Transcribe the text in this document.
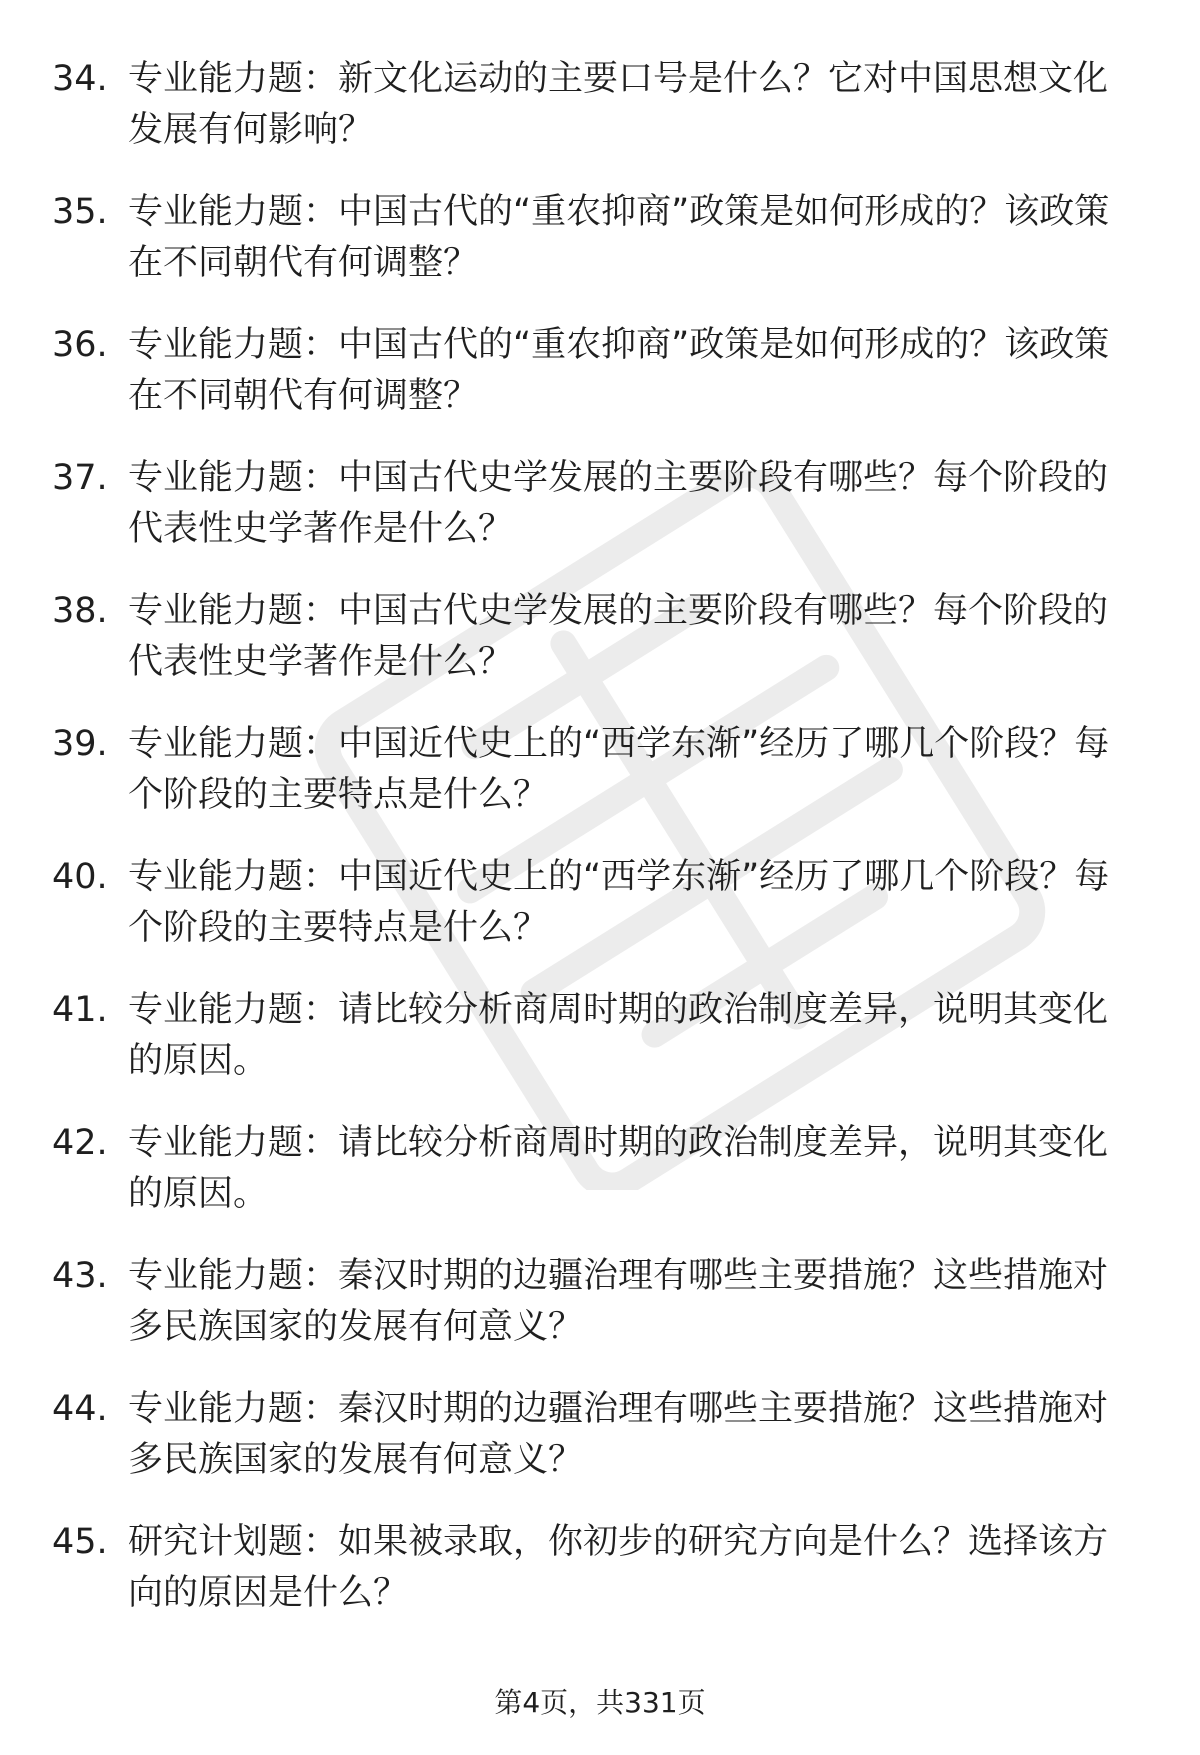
34. 专业能力题：新文化运动的主要口号是什么？它对中国思想文化发展有何影响？
35. 专业能力题：中国古代的“重农抑商”政策是如何形成的？该政策在不同朝代有何调整？
36. 专业能力题：中国古代的“重农抑商”政策是如何形成的？该政策在不同朝代有何调整？
37. 专业能力题：中国古代史学发展的主要阶段有哪些？每个阶段的代表性史学著作是什么？
38. 专业能力题：中国古代史学发展的主要阶段有哪些？每个阶段的代表性史学著作是什么？
39. 专业能力题：中国近代史上的“西学东渐”经历了哪几个阶段？每个阶段的主要特点是什么？
40. 专业能力题：中国近代史上的“西学东渐”经历了哪几个阶段？每个阶段的主要特点是什么？
41. 专业能力题：请比较分析商周时期的政治制度差异，说明其变化的原因。
42. 专业能力题：请比较分析商周时期的政治制度差异，说明其变化的原因。
43. 专业能力题：秦汉时期的边疆治理有哪些主要措施？这些措施对多民族国家的发展有何意义？
44. 专业能力题：秦汉时期的边疆治理有哪些主要措施？这些措施对多民族国家的发展有何意义？
45. 研究计划题：如果被录取，你初步的研究方向是什么？选择该方向的原因是什么？
第4页，共331页
